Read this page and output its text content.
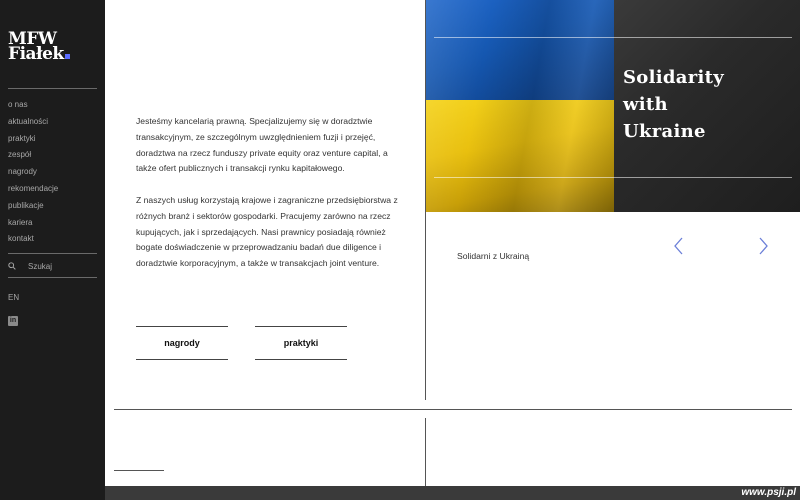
MFW
Fiałek
o nas
aktualności
praktyki
zespół
nagrody
rekomendacje
publikacje
kariera
kontakt
Szukaj
EN
in

Jesteśmy kancelarią prawną. Specjalizujemy się w doradztwie transakcyjnym, ze szczególnym uwzględnieniem fuzji i przejęć, doradztwa na rzecz funduszy private equity oraz venture capital, a także ofert publicznych i transakcji rynku kapitałowego.

Z naszych usług korzystają krajowe i zagraniczne przedsiębiorstwa z różnych branż i sektorów gospodarki. Pracujemy zarówno na rzecz kupujących, jak i sprzedających. Nasi prawnicy posiadają również bogate doświadczenie w przeprowadzaniu badań due diligence i doradztwie korporacyjnym, a także w transakcjach joint venture.

nagrody	praktyki
Solidarity
with
Ukraine
Solidarni z Ukrainą
www.psji.pl
